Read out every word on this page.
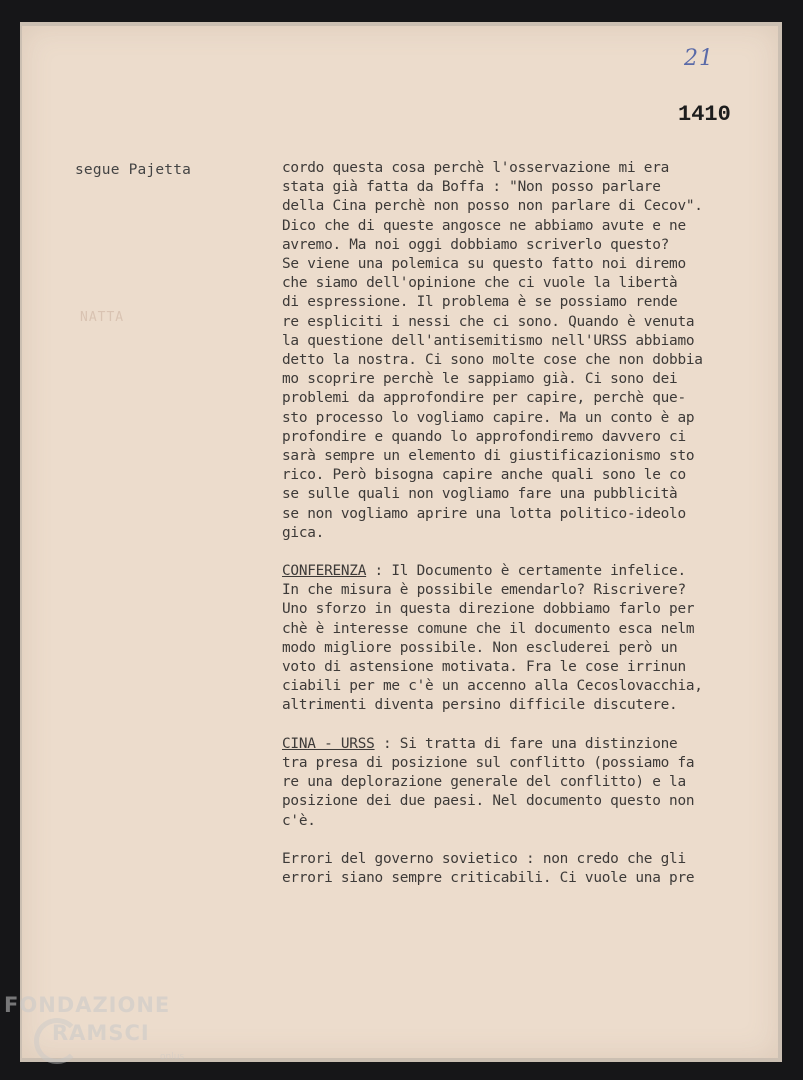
21
1410
segue Pajetta
NATTA
cordo questa cosa perchè l'osservazione mi era
stata già fatta da Boffa : "Non posso parlare
della Cina perchè non posso non parlare di Cecov".
Dico che di queste angosce ne abbiamo avute e ne
avremo. Ma noi oggi dobbiamo scriverlo questo?
Se viene una polemica su questo fatto noi diremo
che siamo dell'opinione che ci vuole la libertà
di espressione. Il problema è se possiamo rende
re espliciti i nessi che ci sono. Quando è venuta
la questione dell'antisemitismo nell'URSS abbiamo
detto la nostra. Ci sono molte cose che non dobbia
mo scoprire perchè le sappiamo già. Ci sono dei
problemi da approfondire per capire, perchè que-
sto processo lo vogliamo capire. Ma un conto è ap
profondire e quando lo approfondiremo davvero ci
sarà sempre un elemento di giustificazionismo sto
rico. Però bisogna capire anche quali sono le co
se sulle quali non vogliamo fare una pubblicità
se non vogliamo aprire una lotta politico-ideolo
gica.
CONFERENZA : Il Documento è certamente infelice.
In che misura è possibile emendarlo? Riscrivere?
Uno sforzo in questa direzione dobbiamo farlo per
chè è interesse comune che il documento esca nelm
modo migliore possibile. Non escluderei però un
voto di astensione motivata. Fra le cose irrinun
ciabili per me c'è un accenno alla Cecoslovacchia,
altrimenti diventa persino difficile discutere.
CINA - URSS : Si tratta di fare una distinzione
tra presa di posizione sul conflitto (possiamo fa
re una deplorazione generale del conflitto) e la
posizione dei due paesi. Nel documento questo non
c'è.
Errori del governo sovietico : non credo che gli
errori siano sempre criticabili. Ci vuole una pre
FONDAZIONE
RAMSCI
onlus
